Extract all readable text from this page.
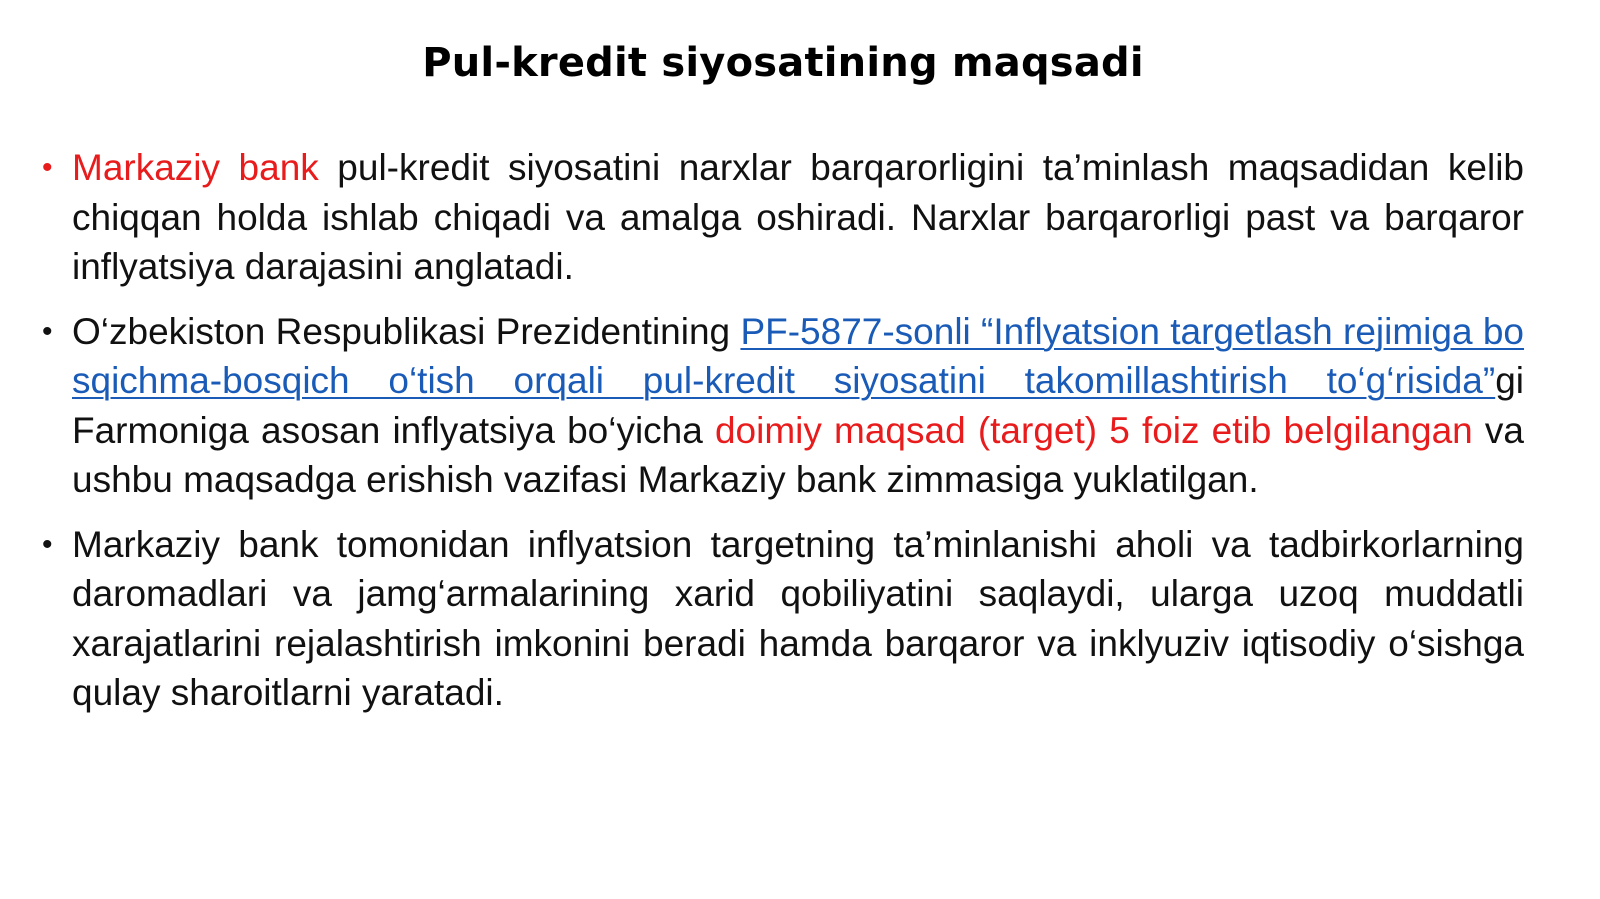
Pul-kredit siyosatining maqsadi
• Markaziy bank pul-kredit siyosatini narxlar barqarorligini ta’minlash maqsadidan kelib chiqqan holda ishlab chiqadi va amalga oshiradi. Narxlar barqarorligi past va barqaror inflyatsiya darajasini anglatadi.
• O‘zbekiston Respublikasi Prezidentining PF-5877-sonli “Inflyatsion targetlash rejimiga bosqichma-bosqich o‘tish orqali pul-kredit siyosatini takomillashtirish to‘g‘risida”gi Farmoniga asosan inflyatsiya bo‘yicha doimiy maqsad (target) 5 foiz etib belgilangan va ushbu maqsadga erishish vazifasi Markaziy bank zimmasiga yuklatilgan.
• Markaziy bank tomonidan inflyatsion targetning ta’minlanishi aholi va tadbirkorlarning daromadlari va jamg‘armalarining xarid qobiliyatini saqlaydi, ularga uzoq muddatli xarajatlarini rejalashtirish imkonini beradi hamda barqaror va inklyuziv iqtisodiy o‘sishga qulay sharoitlarni yaratadi.
